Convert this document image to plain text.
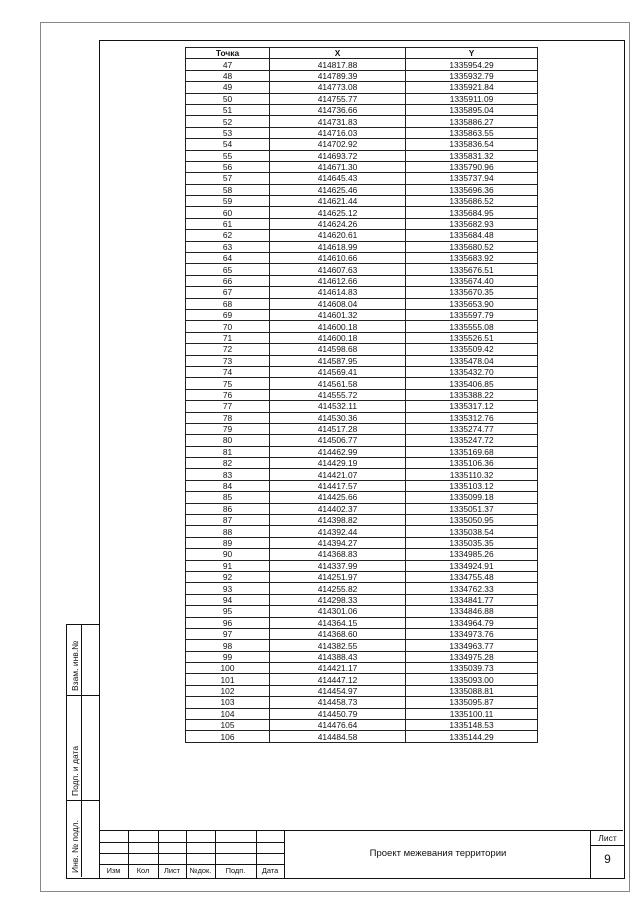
Взам. инв.№
Подп. и дата
Инв. № подл.
Точка	X	Y
47	414817.88	1335954.29
48	414789.39	1335932.79
49	414773.08	1335921.84
50	414755.77	1335911.09
51	414736.66	1335895.04
52	414731.83	1335886.27
53	414716.03	1335863.55
54	414702.92	1335836.54
55	414693.72	1335831.32
56	414671.30	1335790.96
57	414645.43	1335737.94
58	414625.46	1335696.36
59	414621.44	1335686.52
60	414625.12	1335684.95
61	414624.26	1335682.93
62	414620.61	1335684.48
63	414618.99	1335680.52
64	414610.66	1335683.92
65	414607.63	1335676.51
66	414612.66	1335674.40
67	414614.83	1335670.35
68	414608.04	1335653.90
69	414601.32	1335597.79
70	414600.18	1335555.08
71	414600.18	1335526.51
72	414598.68	1335509.42
73	414587.95	1335478.04
74	414569.41	1335432.70
75	414561.58	1335406.85
76	414555.72	1335388.22
77	414532.11	1335317.12
78	414530.36	1335312.76
79	414517.28	1335274.77
80	414506.77	1335247.72
81	414462.99	1335169.68
82	414429.19	1335106.36
83	414421.07	1335110.32
84	414417.57	1335103.12
85	414425.66	1335099.18
86	414402.37	1335051.37
87	414398.82	1335050.95
88	414392.44	1335038.54
89	414394.27	1335035.35
90	414368.83	1334985.26
91	414337.99	1334924.91
92	414251.97	1334755.48
93	414255.82	1334762.33
94	414298.33	1334841.77
95	414301.06	1334846.88
96	414364.15	1334964.79
97	414368.60	1334973.76
98	414382.55	1334963.77
99	414388.43	1334975.28
100	414421.17	1335039.73
101	414447.12	1335093.00
102	414454.97	1335088.81
103	414458.73	1335095.87
104	414450.79	1335100.11
105	414476.64	1335148.53
106	414484.58	1335144.29
Изм	Кол	Лист	№док.	Подп.	Дата
Проект межевания территории
Лист
9
